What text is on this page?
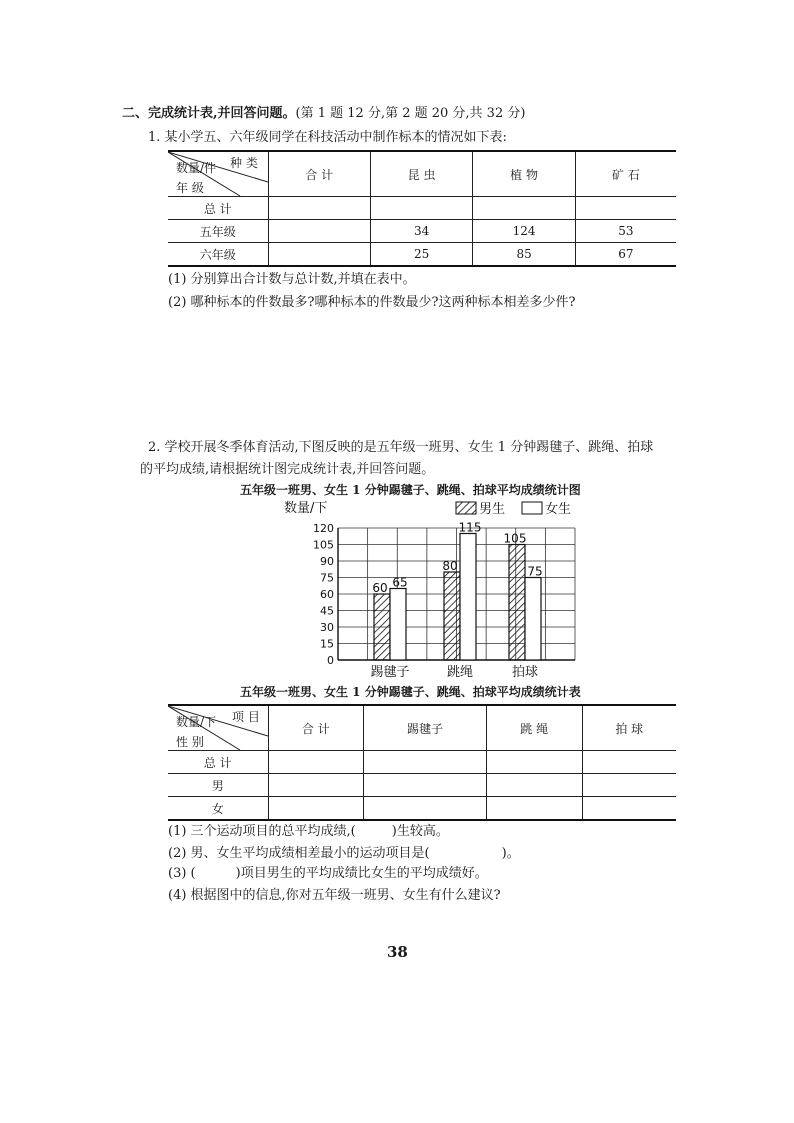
二、完成统计表,并回答问题。(第 1 题 12 分,第 2 题 20 分,共 32 分)
1. 某小学五、六年级同学在科技活动中制作标本的情况如下表:
种 类
数量/件
年 级	合 计	昆 虫	植 物	矿 石
总 计				
五年级		34	124	53
六年级		25	85	67
(1) 分别算出合计数与总计数,并填在表中。
(2) 哪种标本的件数最多?哪种标本的件数最少?这两种标本相差多少件?
2. 学校开展冬季体育活动,下图反映的是五年级一班男、女生 1 分钟踢毽子、跳绳、拍球
的平均成绩,请根据统计图完成统计表,并回答问题。
五年级一班男、女生 1 分钟踢毽子、跳绳、拍球平均成绩统计图
数量/下
0
15
30
45
60
75
90
105
120
60 65
踢毽子
80
115
跳绳
105
75
拍球
男生	女生
五年级一班男、女生 1 分钟踢毽子、跳绳、拍球平均成绩统计表
项 目
数量/下
性 别	合 计	踢毽子	跳 绳	拍 球
总 计				
男				
女				
(1) 三个运动项目的总平均成绩,(	)生较高。
(2) 男、女生平均成绩相差最小的运动项目是(	)。
(3) (	)项目男生的平均成绩比女生的平均成绩好。
(4) 根据图中的信息,你对五年级一班男、女生有什么建议?
38
